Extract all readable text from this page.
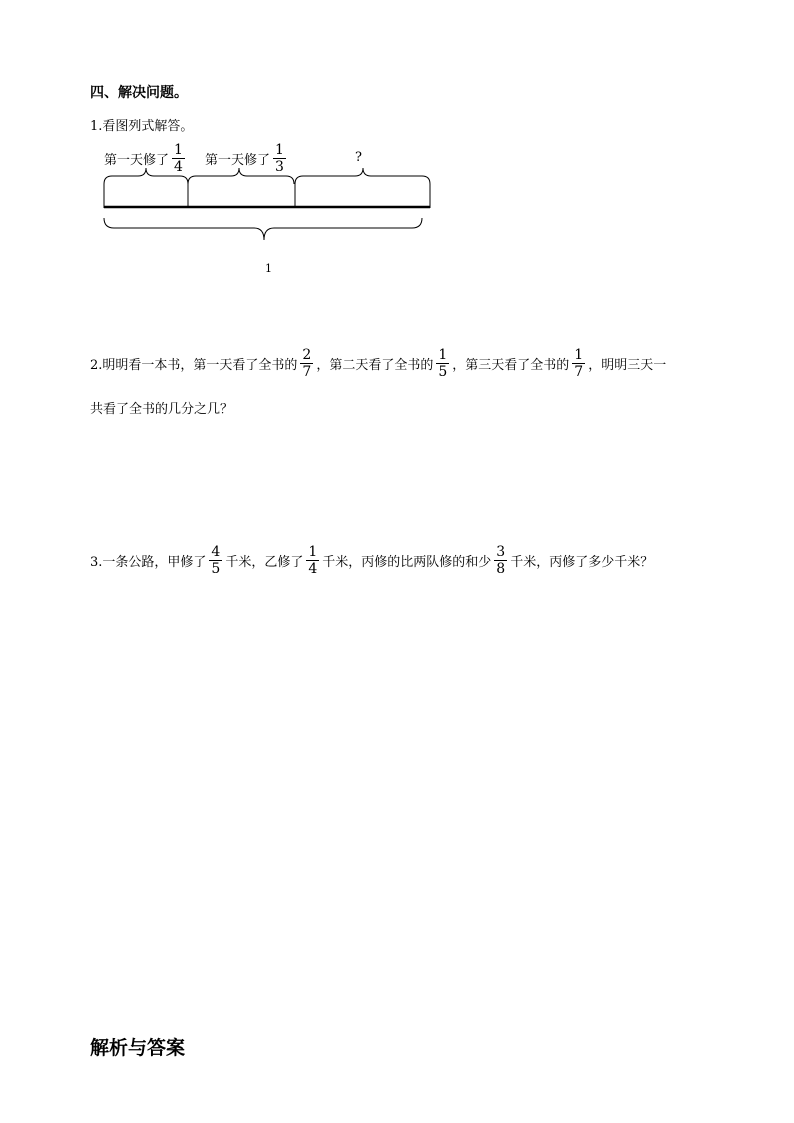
四、解决问题。
1.看图列式解答。
第一天修了 $\frac{1}{4}$ 第一天修了 $\frac{1}{3}$	?
1
2.明明看一本书，第一天看了全书的 $\frac{2}{7}$ ，第二天看了全书的 $\frac{1}{5}$ ，第三天看了全书的 $\frac{1}{7}$ ，明明三天一
共看了全书的几分之几？
3.一条公路，甲修了 $\frac{4}{5}$ 千米，乙修了 $\frac{1}{4}$ 千米，丙修的比两队修的和少 $\frac{3}{8}$ 千米，丙修了多少千米？
解析与答案
